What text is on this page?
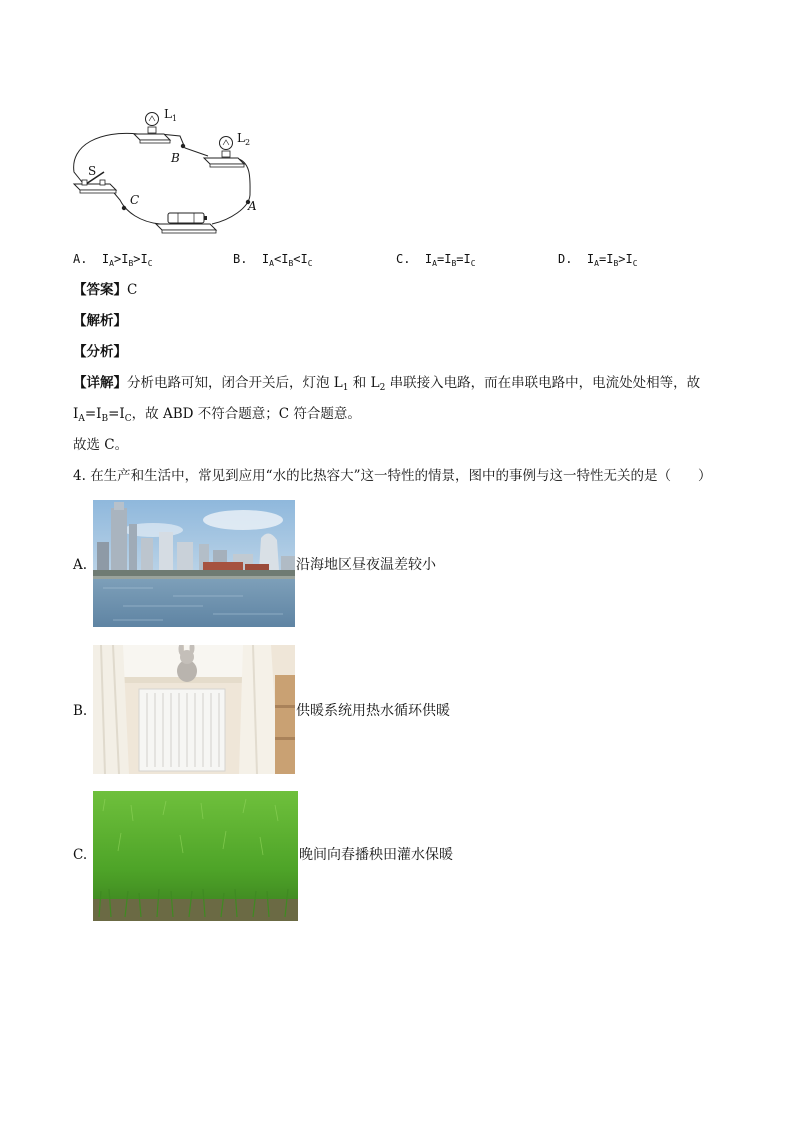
$L_1$
$L_2$
S
B
A
C
A. $I_A>I_B>I_C$	B. $I_A<I_B<I_C$	C. $I_A=I_B=I_C$	D. $I_A=I_B>I_C$
【答案】C
【解析】
【分析】
【详解】分析电路可知，闭合开关后，灯泡 $L_1$ 和 $L_2$ 串联接入电路，而在串联电路中，电流处处相等，故
$I_A=I_B=I_C$，故 ABD 不符合题意；C 符合题意。
故选 C。
4. 在生产和生活中，常见到应用“水的比热容大”这一特性的情景，图中的事例与这一特性无关的是（　　）
A.	沿海地区昼夜温差较小
B.	供暖系统用热水循环供暖
C.	晚间向春播秧田灌水保暖
